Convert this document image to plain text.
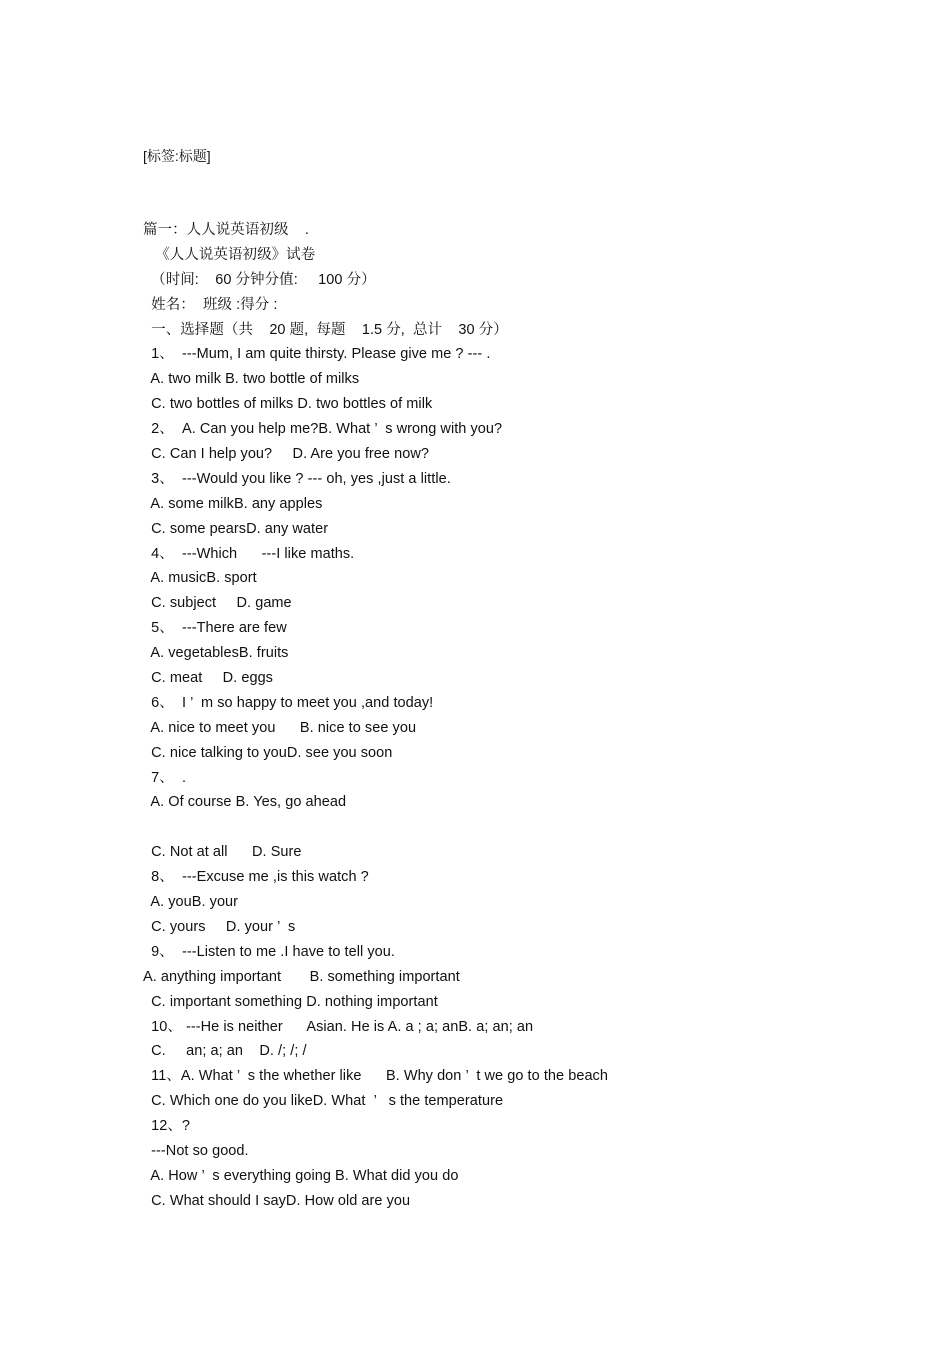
[标签:标题]
篇一：人人说英语初级    .
《人人说英语初级》试卷
（时间:    60 分钟分值:     100 分）
姓名：  班级 :得分 :
一、选择题（共    20 题,  每题    1.5 分,  总计    30 分）
1、  ---Mum, I am quite thirsty. Please give me ? --- .
A. two milk B. two bottle of milks
C. two bottles of milks D. two bottles of milk
2、  A. Can you help me?B. What ’  s wrong with you?
C. Can I help you?     D. Are you free now?
3、  ---Would you like ? --- oh, yes ,just a little.
A. some milkB. any apples
C. some pearsD. any water
4、  ---Which      ---I like maths.
A. musicB. sport
C. subject     D. game
5、  ---There are few
A. vegetablesB. fruits
C. meat     D. eggs
6、  I ’  m so happy to meet you ,and today!
A. nice to meet you      B. nice to see you
C. nice talking to youD. see you soon
7、  .
A. Of course B. Yes, go ahead
C. Not at all      D. Sure
8、  ---Excuse me ,is this watch ?
A. youB. your
C. yours     D. your ’  s
9、  ---Listen to me .I have to tell you.
A. anything important       B. something important
C. important something D. nothing important
10、 ---He is neither      Asian. He is A. a ; a; anB. a; an; an
C.     an; a; an    D. /; /; /
11、A. What ’  s the whether like      B. Why don ’  t we go to the beach
C. Which one do you likeD. What  ’   s the temperature
12、?
---Not so good.
A. How ’  s everything going B. What did you do
C. What should I sayD. How old are you
